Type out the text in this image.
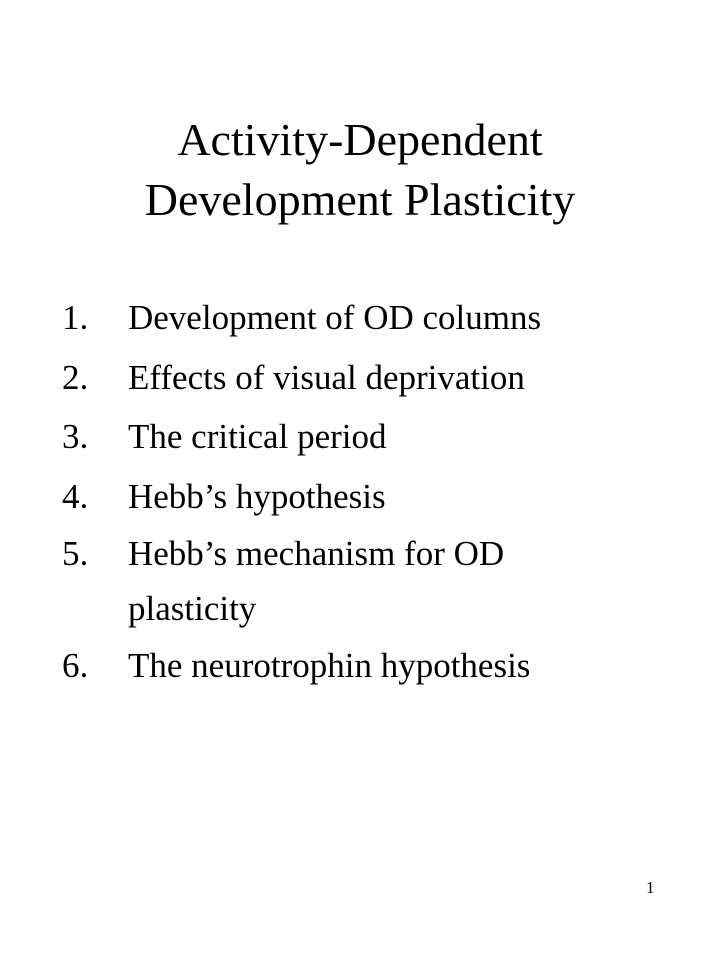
Activity-Dependent
Development Plasticity
1. Development of OD columns
2. Effects of visual deprivation
3. The critical period
4. Hebb’s hypothesis
5. Hebb’s mechanism for OD plasticity
6. The neurotrophin hypothesis
1
